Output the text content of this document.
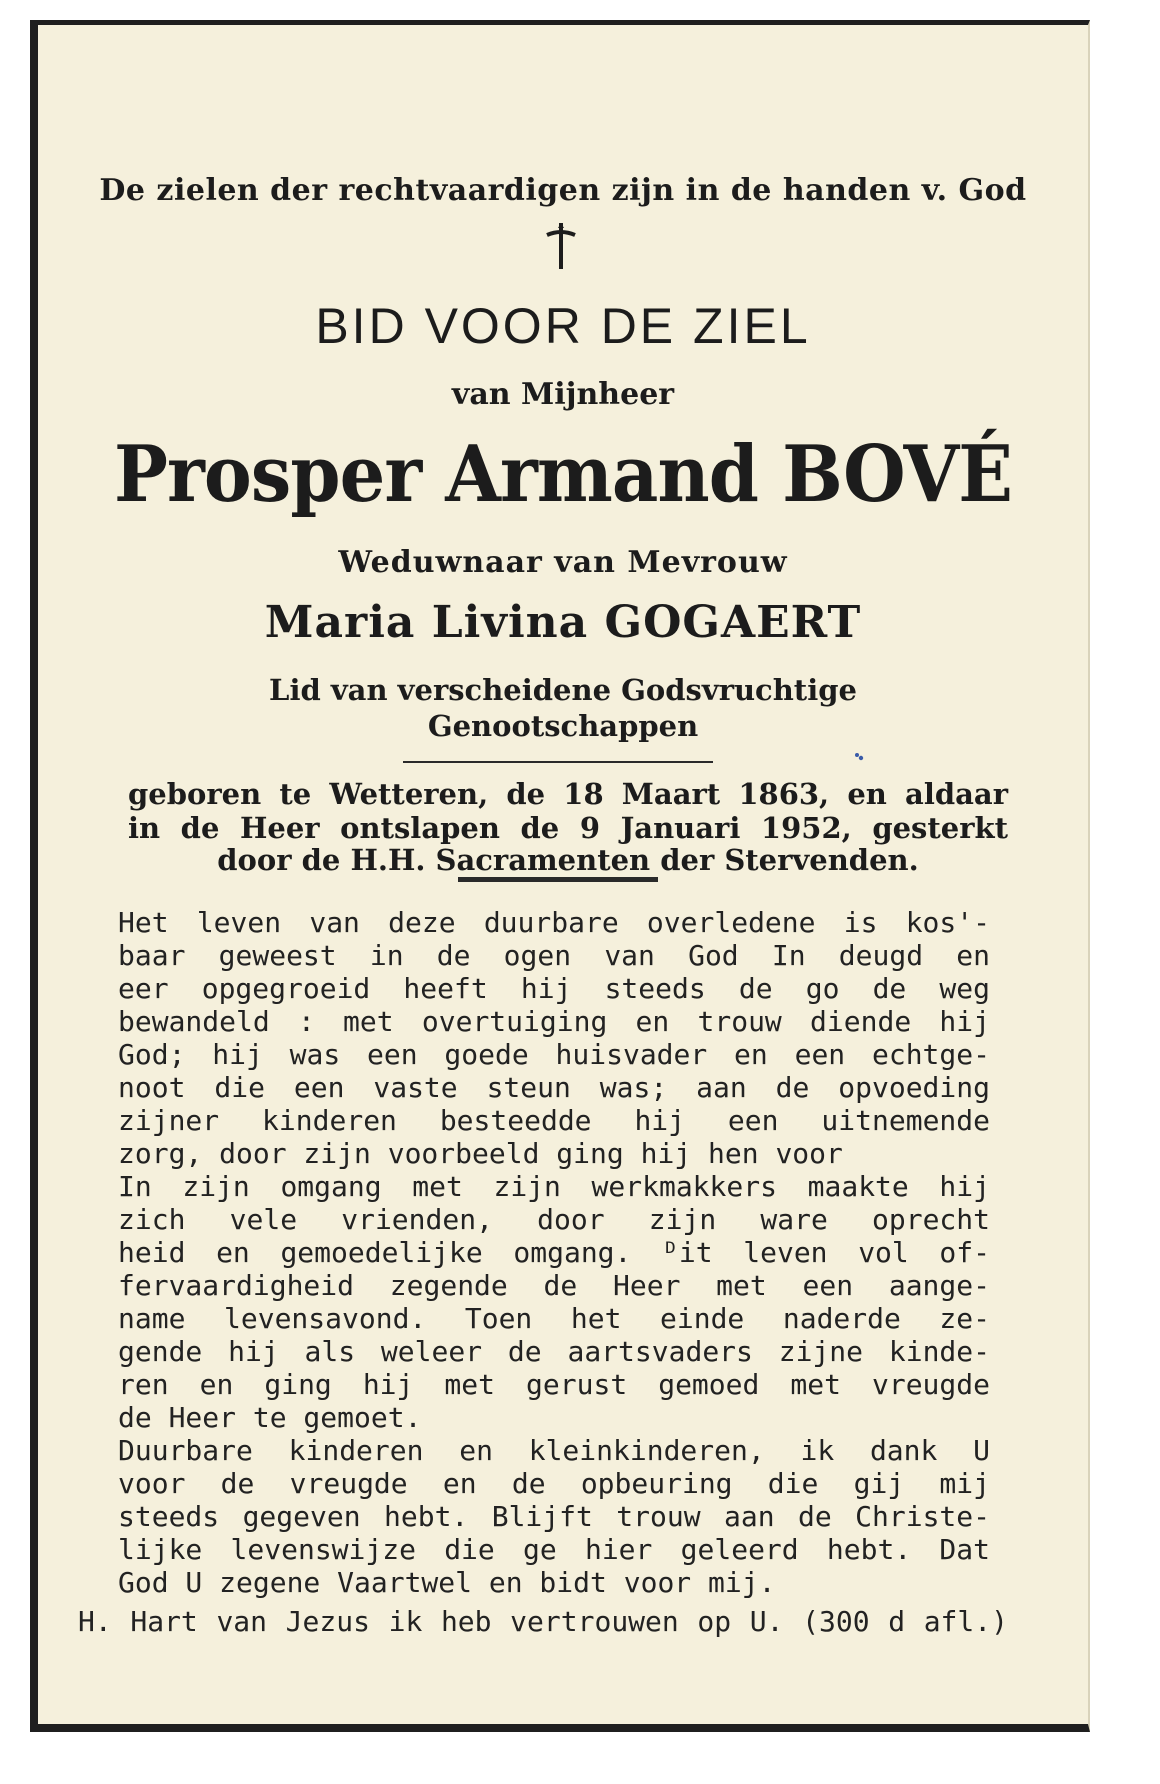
De zielen der rechtvaardigen zijn in de handen v. God
BID VOOR DE ZIEL
van Mijnheer
Prosper Armand BOVÉ
Weduwnaar van Mevrouw
Maria Livina GOGAERT
Lid van verscheidene Godsvruchtige
Genootschappen
geboren te Wetteren, de 18 Maart 1863, en aldaar
in de Heer ontslapen de 9 Januari 1952, gesterkt
door de H.H. Sacramenten der Stervenden.
Het leven van deze duurbare overledene is kos'-
baar geweest in de ogen van God In deugd en
eer opgegroeid heeft hij steeds de go de weg
bewandeld : met overtuiging en trouw diende hij
God; hij was een goede huisvader en een echtge-
noot die een vaste steun was; aan de opvoeding
zijner kinderen besteedde hij een uitnemende
zorg, door zijn voorbeeld ging hij hen voor
In zijn omgang met zijn werkmakkers maakte hij
zich vele vrienden, door zijn ware oprecht
heid en gemoedelijke omgang. ᴰit leven vol of-
fervaardigheid zegende de Heer met een aange-
name levensavond. Toen het einde naderde ze-
gende hij als weleer de aartsvaders zijne kinde-
ren en ging hij met gerust gemoed met vreugde
de Heer te gemoet.
Duurbare kinderen en kleinkinderen, ik dank U
voor de vreugde en de opbeuring die gij mij
steeds gegeven hebt. Blijft trouw aan de Christe-
lijke levenswijze die ge hier geleerd hebt. Dat
God U zegene Vaartwel en bidt voor mij.
H. Hart van Jezus ik heb vertrouwen op U. (300 d afl.)
